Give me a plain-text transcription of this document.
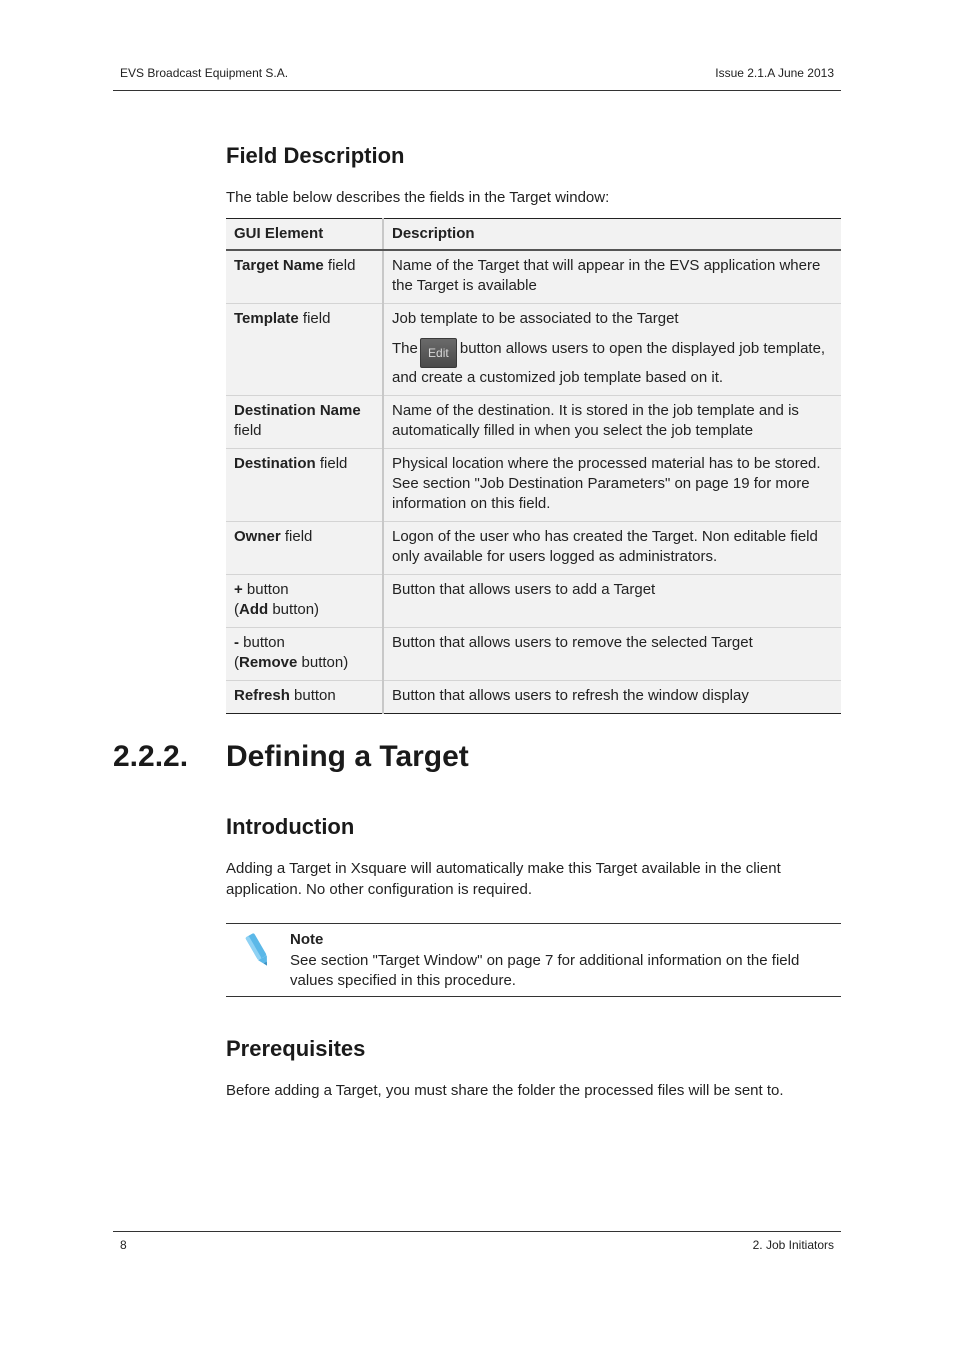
EVS Broadcast Equipment S.A.	Issue 2.1.A June 2013
Field Description

The table below describes the fields in the Target window:

GUI Element	Description
Target Name field	Name of the Target that will appear in the EVS application where the Target is available

Template field	Job template to be associated to the Target

The Edit button allows users to open the displayed job template, and create a customized job template based on it.

Destination Name field	Name of the destination. It is stored in the job template and is automatically filled in when you select the job template

Destination field	Physical location where the processed material has to be stored. See section "Job Destination Parameters" on page 19 for more information on this field.

Owner field	Logon of the user who has created the Target. Non editable field only available for users logged as administrators.

+ button
(Add button)	Button that allows users to add a Target

- button
(Remove button)	Button that allows users to remove the selected Target

Refresh button	Button that allows users to refresh the window display

2.2.2. Defining a Target
Introduction

Adding a Target in Xsquare will automatically make this Target available in the client application. No other configuration is required.

Note
See section "Target Window" on page 7 for additional information on the field values specified in this procedure.
Prerequisites

Before adding a Target, you must share the folder the processed files will be sent to.

8	2. Job Initiators
